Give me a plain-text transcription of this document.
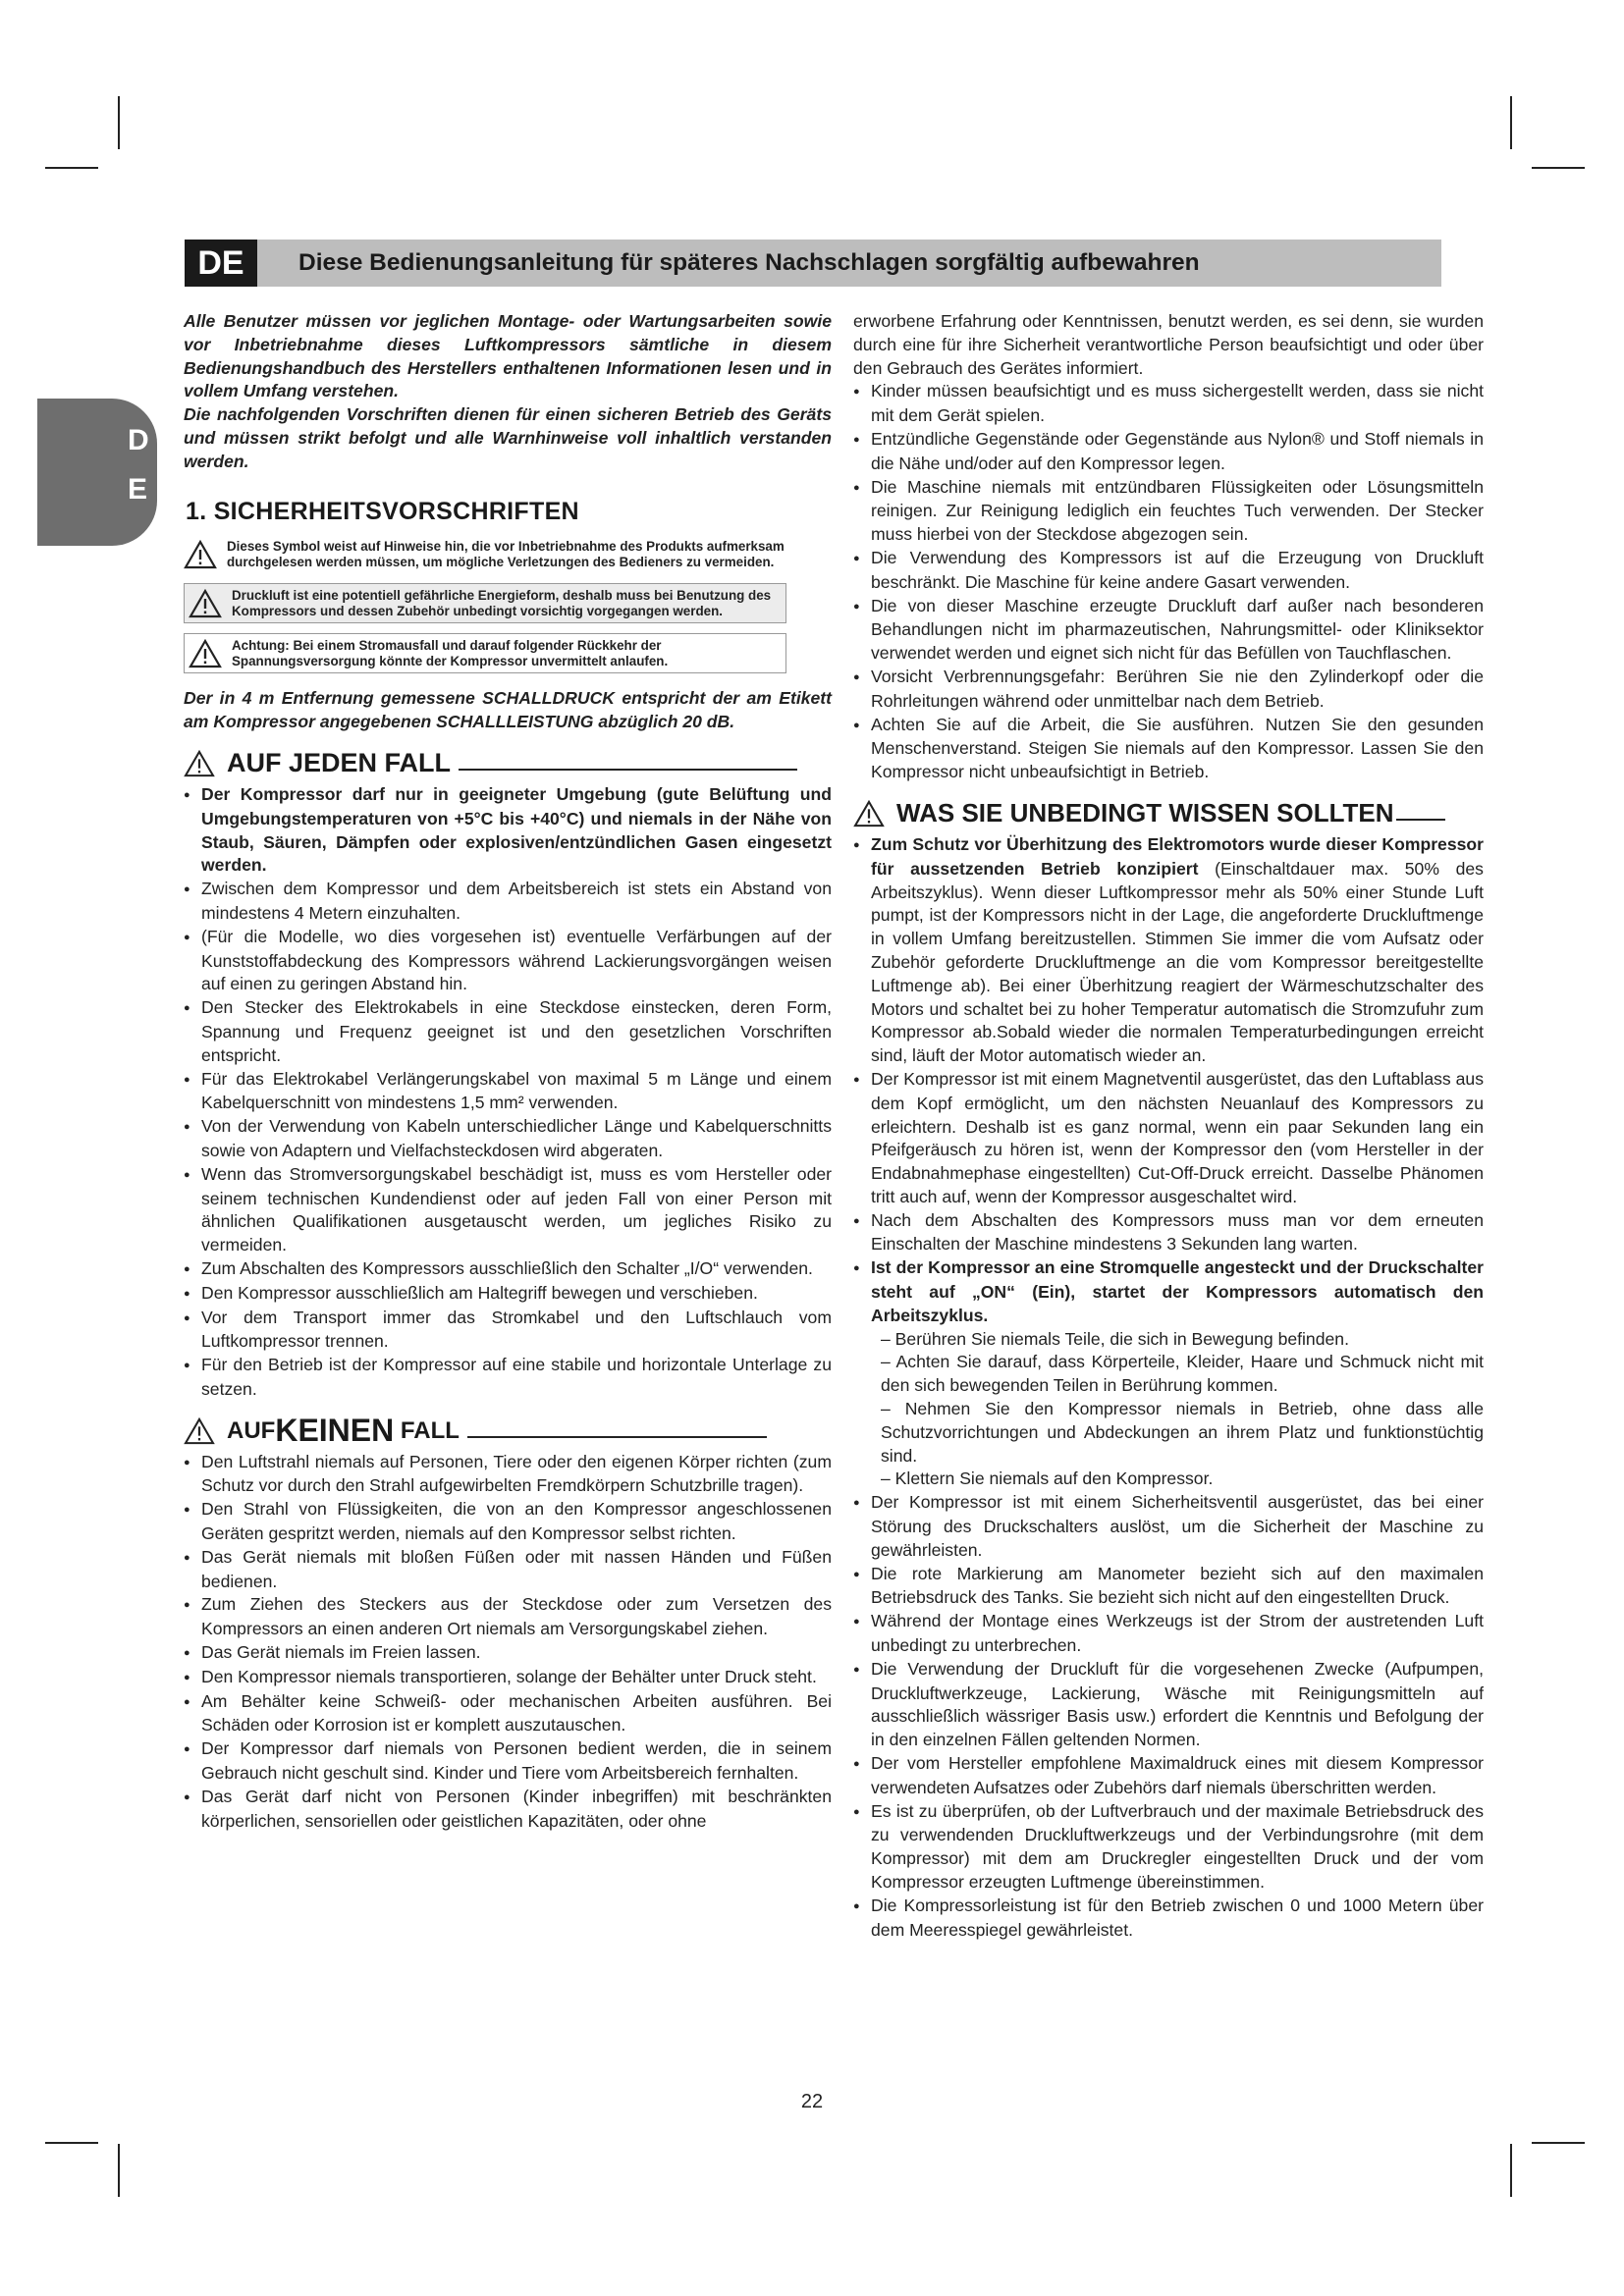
DE	Diese Bedienungsanleitung für späteres Nachschlagen sorgfältig aufbewahren
D
E

Alle Benutzer müssen vor jeglichen Montage- oder Wartungsarbeiten sowie vor Inbetriebnahme dieses Luftkompressors sämtliche in diesem Bedienungshandbuch des Herstellers enthaltenen Informationen lesen und in vollem Umfang verstehen.

Die nachfolgenden Vorschriften dienen für einen sicheren Betrieb des Geräts und müssen strikt befolgt und alle Warnhinweise voll inhaltlich verstanden werden.

1. SICHERHEITSVORSCHRIFTEN
Dieses Symbol weist auf Hinweise hin, die vor Inbetriebnahme des Produkts aufmerksam durchgelesen werden müssen, um mögliche Verletzungen des Bedieners zu vermeiden.
Druckluft ist eine potentiell gefährliche Energieform, deshalb muss bei Benutzung des Kompressors und dessen Zubehör unbedingt vorsichtig vorgegangen werden.
Achtung: Bei einem Stromausfall und darauf folgender Rückkehr der Spannungsversorgung könnte der Kompressor unvermittelt anlaufen.

Der in 4 m Entfernung gemessene SCHALLDRUCK entspricht der am Etikett am Kompressor angegebenen SCHALLLEISTUNG abzüglich 20 dB.

AUF JEDEN FALL

● Der Kompressor darf nur in geeigneter Umgebung (gute Belüftung und Umgebungstemperaturen von +5°C bis +40°C) und niemals in der Nähe von Staub, Säuren, Dämpfen oder explosiven/entzündlichen Gasen eingesetzt werden.

● Zwischen dem Kompressor und dem Arbeitsbereich ist stets ein Abstand von mindestens 4 Metern einzuhalten.

● (Für die Modelle, wo dies vorgesehen ist) eventuelle Verfärbungen auf der Kunststoffabdeckung des Kompressors während Lackierungsvorgängen weisen auf einen zu geringen Abstand hin.

● Den Stecker des Elektrokabels in eine Steckdose einstecken, deren Form, Spannung und Frequenz geeignet ist und den gesetzlichen Vorschriften entspricht.

● Für das Elektrokabel Verlängerungskabel von maximal 5 m Länge und einem Kabelquerschnitt von mindestens 1,5 mm² verwenden.

● Von der Verwendung von Kabeln unterschiedlicher Länge und Kabelquerschnitts sowie von Adaptern und Vielfachsteckdosen wird abgeraten.

● Wenn das Stromversorgungskabel beschädigt ist, muss es vom Hersteller oder seinem technischen Kundendienst oder auf jeden Fall von einer Person mit ähnlichen Qualifikationen ausgetauscht werden, um jegliches Risiko zu vermeiden.

● Zum Abschalten des Kompressors ausschließlich den Schalter „I/O“ verwenden.

● Den Kompressor ausschließlich am Haltegriff bewegen und verschieben.

● Vor dem Transport immer das Stromkabel und den Luftschlauch vom Luftkompressor trennen.

● Für den Betrieb ist der Kompressor auf eine stabile und horizontale Unterlage zu setzen.

AUF KEINEN FALL

● Den Luftstrahl niemals auf Personen, Tiere oder den eigenen Körper richten (zum Schutz vor durch den Strahl aufgewirbelten Fremdkörpern Schutzbrille tragen).

● Den Strahl von Flüssigkeiten, die von an den Kompressor angeschlossenen Geräten gespritzt werden, niemals auf den Kompressor selbst richten.

● Das Gerät niemals mit bloßen Füßen oder mit nassen Händen und Füßen bedienen.

● Zum Ziehen des Steckers aus der Steckdose oder zum Versetzen des Kompressors an einen anderen Ort niemals am Versorgungskabel ziehen.

● Das Gerät niemals im Freien lassen.

● Den Kompressor niemals transportieren, solange der Behälter unter Druck steht.

● Am Behälter keine Schweiß- oder mechanischen Arbeiten ausführen. Bei Schäden oder Korrosion ist er komplett auszutauschen.

● Der Kompressor darf niemals von Personen bedient werden, die in seinem Gebrauch nicht geschult sind. Kinder und Tiere vom Arbeitsbereich fernhalten.

● Das Gerät darf nicht von Personen (Kinder inbegriffen) mit beschränkten körperlichen, sensoriellen oder geistlichen Kapazitäten, oder ohne

erworbene Erfahrung oder Kenntnissen, benutzt werden, es sei denn, sie wurden durch eine für ihre Sicherheit verantwortliche Person beaufsichtigt und oder über den Gebrauch des Gerätes informiert.

● Kinder müssen beaufsichtigt und es muss sichergestellt werden, dass sie nicht mit dem Gerät spielen.

● Entzündliche Gegenstände oder Gegenstände aus Nylon® und Stoff niemals in die Nähe und/oder auf den Kompressor legen.

● Die Maschine niemals mit entzündbaren Flüssigkeiten oder Lösungsmitteln reinigen. Zur Reinigung lediglich ein feuchtes Tuch verwenden. Der Stecker muss hierbei von der Steckdose abgezogen sein.

● Die Verwendung des Kompressors ist auf die Erzeugung von Druckluft beschränkt. Die Maschine für keine andere Gasart verwenden.

● Die von dieser Maschine erzeugte Druckluft darf außer nach besonderen Behandlungen nicht im pharmazeutischen, Nahrungsmittel- oder Kliniksektor verwendet werden und eignet sich nicht für das Befüllen von Tauchflaschen.

● Vorsicht Verbrennungsgefahr: Berühren Sie nie den Zylinderkopf oder die Rohrleitungen während oder unmittelbar nach dem Betrieb.

● Achten Sie auf die Arbeit, die Sie ausführen. Nutzen Sie den gesunden Menschenverstand. Steigen Sie niemals auf den Kompressor. Lassen Sie den Kompressor nicht unbeaufsichtigt in Betrieb.

WAS SIE UNBEDINGT WISSEN SOLLTEN

● Zum Schutz vor Überhitzung des Elektromotors wurde dieser Kompressor für aussetzenden Betrieb konzipiert (Einschaltdauer max. 50% des Arbeitszyklus). Wenn dieser Luftkompressor mehr als 50% einer Stunde Luft pumpt, ist der Kompressors nicht in der Lage, die angeforderte Druckluftmenge in vollem Umfang bereitzustellen. Stimmen Sie immer die vom Aufsatz oder Zubehör geforderte Druckluftmenge an die vom Kompressor bereitgestellte Luftmenge ab). Bei einer Überhitzung reagiert der Wärmeschutzschalter des Motors und schaltet bei zu hoher Temperatur automatisch die Stromzufuhr zum Kompressor ab.Sobald wieder die normalen Temperaturbedingungen erreicht sind, läuft der Motor automatisch wieder an.

● Der Kompressor ist mit einem Magnetventil ausgerüstet, das den Luftablass aus dem Kopf ermöglicht, um den nächsten Neuanlauf des Kompressors zu erleichtern. Deshalb ist es ganz normal, wenn ein paar Sekunden lang ein Pfeifgeräusch zu hören ist, wenn der Kompressor den (vom Hersteller in der Endabnahmephase eingestellten) Cut-Off-Druck erreicht. Dasselbe Phänomen tritt auch auf, wenn der Kompressor ausgeschaltet wird.

● Nach dem Abschalten des Kompressors muss man vor dem erneuten Einschalten der Maschine mindestens 3 Sekunden lang warten.

● Ist der Kompressor an eine Stromquelle angesteckt und der Druckschalter steht auf „ON“ (Ein), startet der Kompressors automatisch den Arbeitszyklus.

– Berühren Sie niemals Teile, die sich in Bewegung befinden.

– Achten Sie darauf, dass Körperteile, Kleider, Haare und Schmuck nicht mit den sich bewegenden Teilen in Berührung kommen.

– Nehmen Sie den Kompressor niemals in Betrieb, ohne dass alle Schutzvorrichtungen und Abdeckungen an ihrem Platz und funktionstüchtig sind.

– Klettern Sie niemals auf den Kompressor.

● Der Kompressor ist mit einem Sicherheitsventil ausgerüstet, das bei einer Störung des Druckschalters auslöst, um die Sicherheit der Maschine zu gewährleisten.

● Die rote Markierung am Manometer bezieht sich auf den maximalen Betriebsdruck des Tanks. Sie bezieht sich nicht auf den eingestellten Druck.

● Während der Montage eines Werkzeugs ist der Strom der austretenden Luft unbedingt zu unterbrechen.

● Die Verwendung der Druckluft für die vorgesehenen Zwecke (Aufpumpen, Druckluftwerkzeuge, Lackierung, Wäsche mit Reinigungsmitteln auf ausschließlich wässriger Basis usw.) erfordert die Kenntnis und Befolgung der in den einzelnen Fällen geltenden Normen.

● Der vom Hersteller empfohlene Maximaldruck eines mit diesem Kompressor verwendeten Aufsatzes oder Zubehörs darf niemals überschritten werden.

● Es ist zu überprüfen, ob der Luftverbrauch und der maximale Betriebsdruck des zu verwendenden Druckluftwerkzeugs und der Verbindungsrohre (mit dem Kompressor) mit dem am Druckregler eingestellten Druck und der vom Kompressor erzeugten Luftmenge übereinstimmen.

● Die Kompressorleistung ist für den Betrieb zwischen 0 und 1000 Metern über dem Meeresspiegel gewährleistet.

22
